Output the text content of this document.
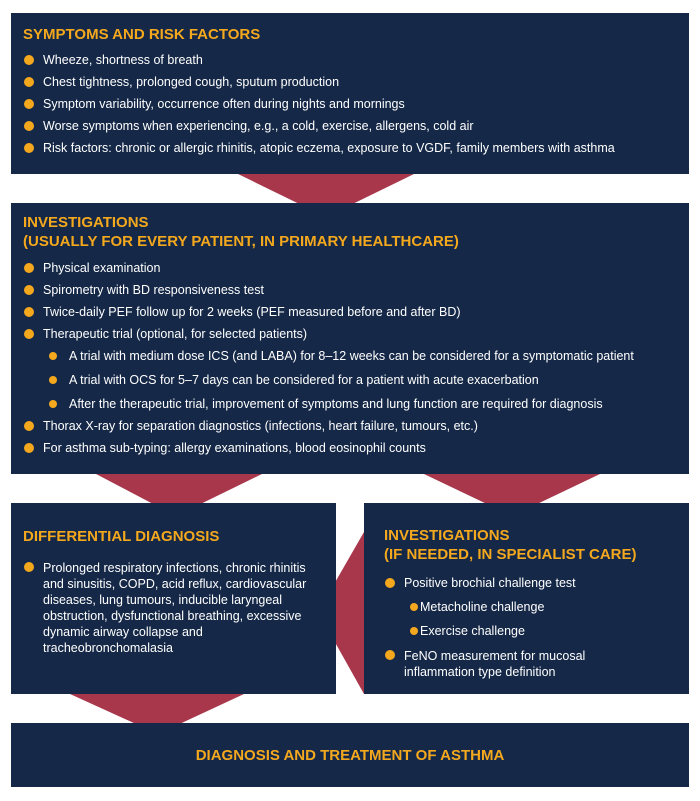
SYMPTOMS AND RISK FACTORS

Wheeze, shortness of breath
Chest tightness, prolonged cough, sputum production
Symptom variability, occurrence often during nights and mornings
Worse symptoms when experiencing, e.g., a cold, exercise, allergens, cold air
Risk factors: chronic or allergic rhinitis, atopic eczema, exposure to VGDF, family members with asthma

INVESTIGATIONS

(USUALLY FOR EVERY PATIENT, IN PRIMARY HEALTHCARE)

Physical examination
Spirometry with BD responsiveness test
Twice-daily PEF follow up for 2 weeks (PEF measured before and after BD)
Therapeutic trial (optional, for selected patients)
A trial with medium dose ICS (and LABA) for 8–12 weeks can be considered for a symptomatic patient
A trial with OCS for 5–7 days can be considered for a patient with acute exacerbation
After the therapeutic trial, improvement of symptoms and lung function are required for diagnosis
Thorax X-ray for separation diagnostics (infections, heart failure, tumours, etc.)
For asthma sub-typing: allergy examinations, blood eosinophil counts

DIFFERENTIAL DIAGNOSIS

Prolonged respiratory infections, chronic rhinitis and sinusitis, COPD, acid reflux, cardiovascular diseases, lung tumours, inducible laryngeal obstruction, dysfunctional breathing, excessive dynamic airway collapse and tracheobronchomalasia

INVESTIGATIONS

(IF NEEDED, IN SPECIALIST CARE)

Positive brochial challenge test
Metacholine challenge
Exercise challenge
FeNO measurement for mucosal inflammation type definition

DIAGNOSIS AND TREATMENT OF ASTHMA
